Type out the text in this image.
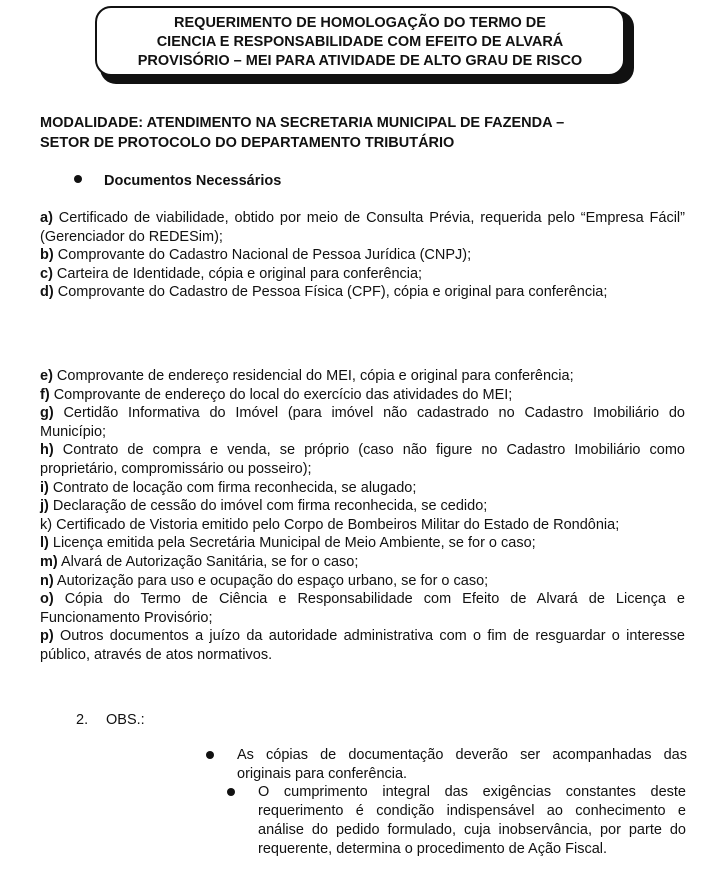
REQUERIMENTO DE HOMOLOGAÇÃO DO TERMO DE
CIENCIA E RESPONSABILIDADE COM EFEITO DE ALVARÁ
PROVISÓRIO – MEI PARA ATIVIDADE DE ALTO GRAU DE RISCO
MODALIDADE: ATENDIMENTO NA SECRETARIA MUNICIPAL DE FAZENDA –
SETOR DE PROTOCOLO DO DEPARTAMENTO TRIBUTÁRIO
Documentos Necessários
a) Certificado de viabilidade, obtido por meio de Consulta Prévia, requerida pelo “Empresa Fácil” (Gerenciador do REDESim);
b) Comprovante do Cadastro Nacional de Pessoa Jurídica (CNPJ);
c) Carteira de Identidade, cópia e original para conferência;
d) Comprovante do Cadastro de Pessoa Física (CPF), cópia e original para conferência;
e) Comprovante de endereço residencial do MEI, cópia e original para conferência;
f) Comprovante de endereço do local do exercício das atividades do MEI;
g) Certidão Informativa do Imóvel (para imóvel não cadastrado no Cadastro Imobiliário do Município;
h) Contrato de compra e venda, se próprio (caso não figure no Cadastro Imobiliário como proprietário, compromissário ou posseiro);
i) Contrato de locação com firma reconhecida, se alugado;
j) Declaração de cessão do imóvel com firma reconhecida, se cedido;
k) Certificado de Vistoria emitido pelo Corpo de Bombeiros Militar do Estado de Rondônia;
l) Licença emitida pela Secretária Municipal de Meio Ambiente, se for o caso;
m) Alvará de Autorização Sanitária, se for o caso;
n) Autorização para uso e ocupação do espaço urbano, se for o caso;
o) Cópia do Termo de Ciência e Responsabilidade com Efeito de Alvará de Licença e Funcionamento Provisório;
p) Outros documentos a juízo da autoridade administrativa com o fim de resguardar o interesse público, através de atos normativos.
2. OBS.:
As cópias de documentação deverão ser acompanhadas das originais para conferência.
O cumprimento integral das exigências constantes deste requerimento é condição indispensável ao conhecimento e análise do pedido formulado, cuja inobservância, por parte do requerente, determina o procedimento de Ação Fiscal.
